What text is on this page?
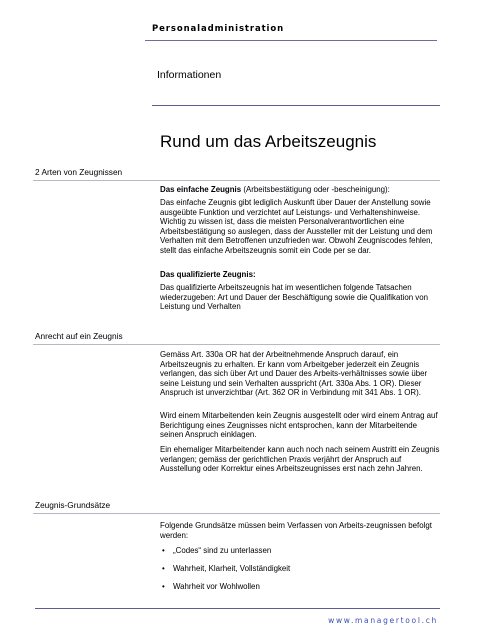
Personaladministration
Informationen
Rund um das Arbeitszeugnis
2 Arten von Zeugnissen
Das einfache Zeugnis (Arbeitsbestätigung oder -bescheinigung):
Das einfache Zeugnis gibt lediglich Auskunft über Dauer der Anstellung sowie ausgeübte Funktion und verzichtet auf Leistungs- und Verhaltenshinweise. Wichtig zu wissen ist, dass die meisten Personalverantwortlichen eine Arbeitsbestätigung so auslegen, dass der Aussteller mit der Leistung und dem Verhalten mit dem Betroffenen unzufrieden war. Obwohl Zeugniscodes fehlen, stellt das einfache Arbeitszeugnis somit ein Code per se dar.
Das qualifizierte Zeugnis:
Das qualifizierte Arbeitszeugnis hat im wesentlichen folgende Tatsachen wiederzugeben: Art und Dauer der Beschäftigung sowie die Qualifikation von Leistung und Verhalten
Anrecht auf ein Zeugnis
Gemäss Art. 330a OR hat der Arbeitnehmende Anspruch darauf, ein Arbeitszeugnis zu erhalten. Er kann vom Arbeitgeber jederzeit ein Zeugnis verlangen, das sich über Art und Dauer des Arbeits-verhältnisses sowie über seine Leistung und sein Verhalten ausspricht (Art. 330a Abs. 1 OR). Dieser Anspruch ist unverzichtbar (Art. 362 OR in Verbindung mit 341 Abs. 1 OR).
Wird einem Mitarbeitenden kein Zeugnis ausgestellt oder wird einem Antrag auf Berichtigung eines Zeugnisses nicht entsprochen, kann der Mitarbeitende seinen Anspruch einklagen.
Ein ehemaliger Mitarbeitender kann auch noch nach seinem Austritt ein Zeugnis verlangen; gemäss der gerichtlichen Praxis verjährt der Anspruch auf Ausstellung oder Korrektur eines Arbeitszeugnisses erst nach zehn Jahren.
Zeugnis-Grundsätze
Folgende Grundsätze müssen beim Verfassen von Arbeits-zeugnissen befolgt werden:
• „Codes“ sind zu unterlassen
• Wahrheit, Klarheit, Vollständigkeit
• Wahrheit vor Wohlwollen
www.managertool.ch
